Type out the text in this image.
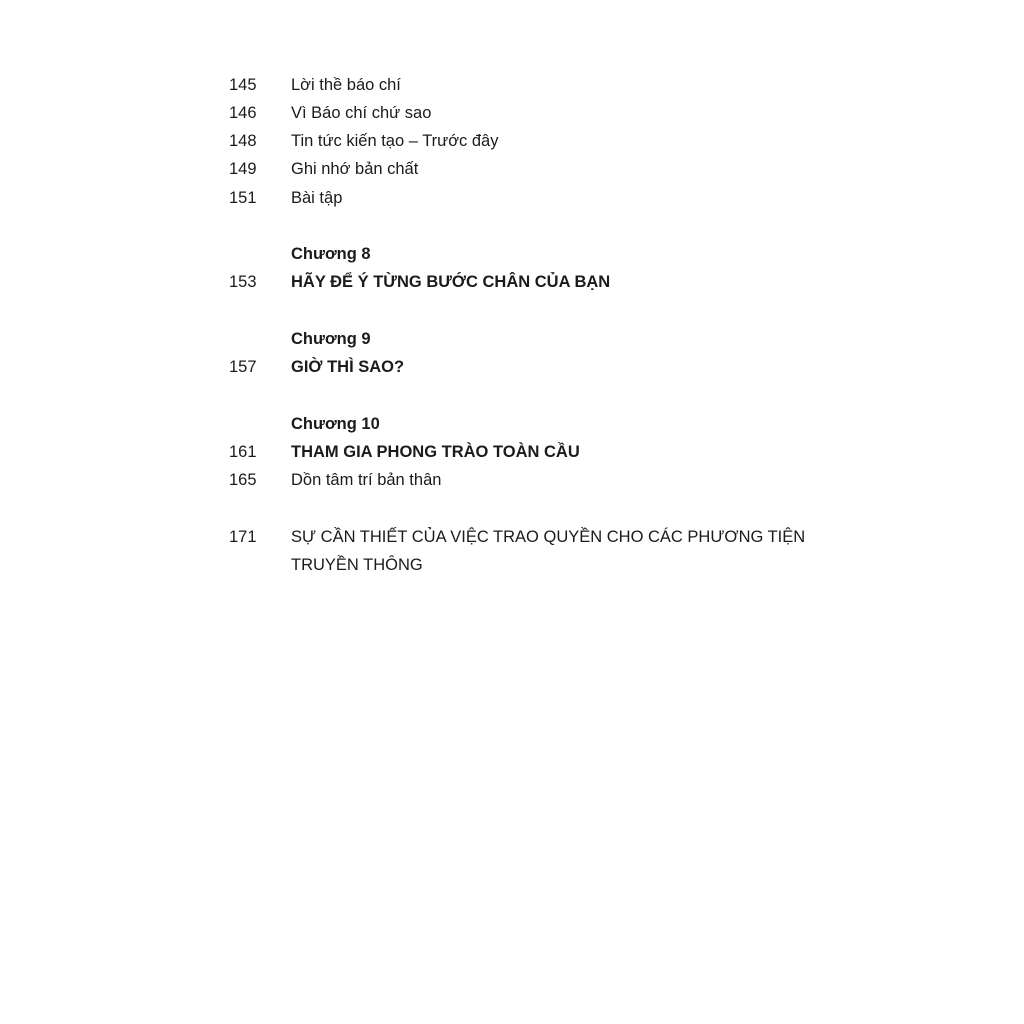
145	Lời thề báo chí
146	Vì Báo chí chứ sao
148	Tin tức kiến tạo – Trước đây
149	Ghi nhớ bản chất
151	Bài tập
Chương 8
153	HÃY ĐỂ Ý TỪNG BƯỚC CHÂN CỦA BẠN
Chương 9
157	GIỜ THÌ SAO?
Chương 10
161	THAM GIA PHONG TRÀO TOÀN CẦU
165	Dồn tâm trí bản thân
171	SỰ CẦN THIẾT CỦA VIỆC TRAO QUYỀN CHO CÁC PHƯƠNG TIỆN
TRUYỀN THÔNG
